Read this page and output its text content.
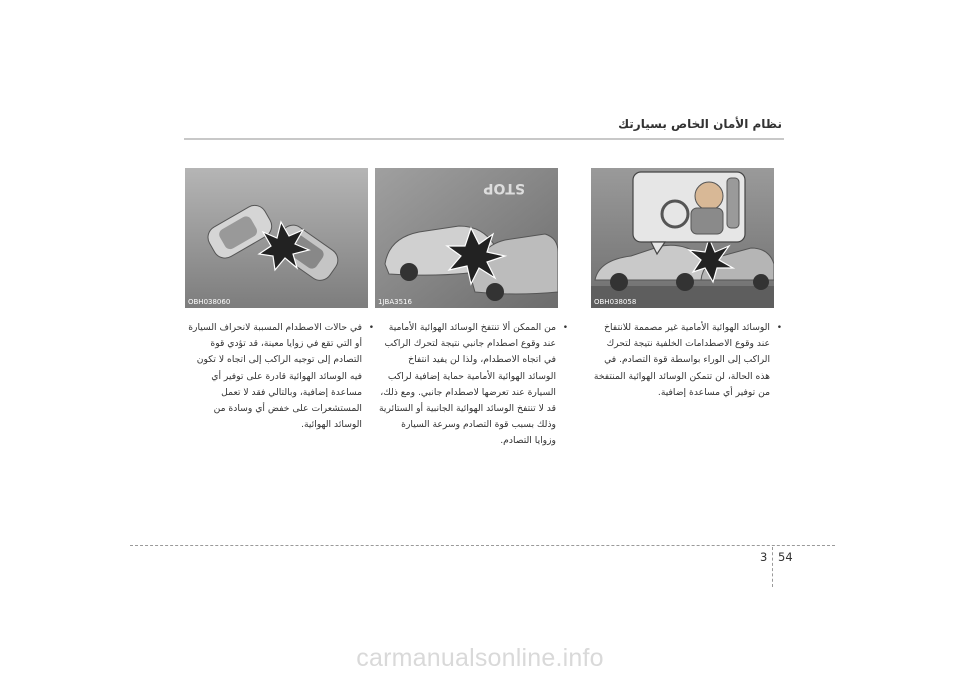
نظام الأمان الخاص بسيارتك
OBH038058
STOP
1JBA3516
OBH038060
•
الوسائد الهوائية الأمامية غير مصممة للانتفاخ عند وقوع الاصطدامات الخلفية نتيجة لتحرك الراكب إلى الوراء بواسطة قوة التصادم. في هذه الحالة، لن تتمكن الوسائد الهوائية المنتفخة من توفير أي مساعدة إضافية.
•
من الممكن ألا تنتفخ الوسائد الهوائية الأمامية عند وقوع اصطدام جانبي نتيجة لتحرك الراكب في اتجاه الاصطدام، ولذا لن يفيد انتفاخ الوسائد الهوائية الأمامية حماية إضافية لراكب السيارة عند تعرضها لاصطدام جانبي. ومع ذلك، قد لا تنتفخ الوسائد الهوائية الجانبية أو الستائرية وذلك بسبب قوة التصادم وسرعة السيارة وزوايا التصادم.
•
في حالات الاصطدام المسببة لانحراف السيارة أو التي تقع في زوايا معينة، قد تؤدي قوة التصادم إلى توجيه الراكب إلى اتجاه لا تكون فيه الوسائد الهوائية قادرة على توفير أي مساعدة إضافية، وبالتالي فقد لا تعمل المستشعرات على خفض أي وسادة من الوسائد الهوائية.
3 54
carmanualsonline.info
